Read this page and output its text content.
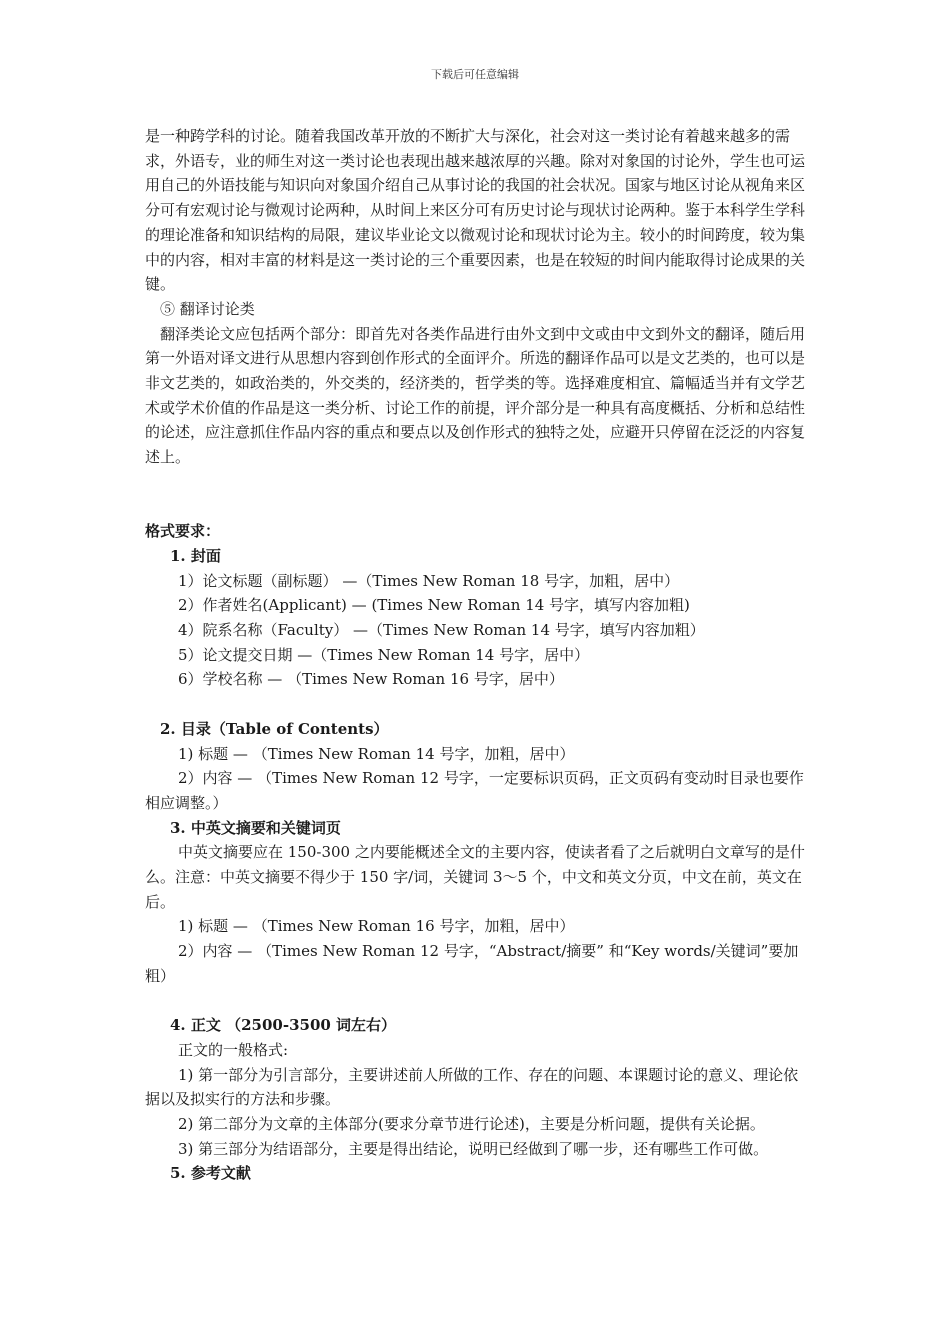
下载后可任意编辑

是一种跨学科的讨论。随着我国改革开放的不断扩大与深化，社会对这一类讨论有着越来越多的需求，外语专，业的师生对这一类讨论也表现出越来越浓厚的兴趣。除对对象国的讨论外，学生也可运用自己的外语技能与知识向对象国介绍自己从事讨论的我国的社会状况。国家与地区讨论从视角来区分可有宏观讨论与微观讨论两种，从时间上来区分可有历史讨论与现状讨论两种。鉴于本科学生学科的理论准备和知识结构的局限，建议毕业论文以微观讨论和现状讨论为主。较小的时间跨度，较为集中的内容，相对丰富的材料是这一类讨论的三个重要因素，也是在较短的时间内能取得讨论成果的关键。

⑤ 翻译讨论类

翻泽类论文应包括两个部分：即首先对各类作品进行由外文到中文或由中文到外文的翻译，随后用第一外语对译文进行从思想内容到创作形式的全面评介。所选的翻译作品可以是文艺类的，也可以是非文艺类的，如政治类的，外交类的，经济类的，哲学类的等。选择难度相宜、篇幅适当并有文学艺术或学术价值的作品是这一类分析、讨论工作的前提，评介部分是一种具有高度概括、分析和总结性的论述，应注意抓住作品内容的重点和要点以及创作形式的独特之处，应避开只停留在泛泛的内容复述上。

格式要求：

1. 封面

1）论文标题（副标题） —（Times New Roman 18 号字，加粗，居中）

2）作者姓名(Applicant) — (Times New Roman 14 号字，填写内容加粗)

4）院系名称（Faculty） —（Times New Roman 14 号字，填写内容加粗）

5）论文提交日期 —（Times New Roman 14 号字，居中）

6）学校名称 — （Times New Roman 16 号字，居中）

2. 目录（Table of Contents）

1) 标题 — （Times New Roman 14 号字，加粗，居中）

2）内容 — （Times New Roman 12 号字，一定要标识页码，正文页码有变动时目录也要作相应调整。）

3. 中英文摘要和关键词页

中英文摘要应在 150-300 之内要能概述全文的主要内容，使读者看了之后就明白文章写的是什么。注意：中英文摘要不得少于 150 字/词，关键词 3～5 个，中文和英文分页，中文在前，英文在后。

1) 标题 — （Times New Roman 16 号字，加粗，居中）

2）内容 — （Times New Roman 12 号字，“Abstract/摘要” 和“Key words/关键词”要加粗）

4. 正文 （2500-3500 词左右）

正文的一般格式:

1) 第一部分为引言部分，主要讲述前人所做的工作、存在的问题、本课题讨论的意义、理论依据以及拟实行的方法和步骤。

2) 第二部分为文章的主体部分(要求分章节进行论述)，主要是分析问题，提供有关论据。

3) 第三部分为结语部分，主要是得出结论，说明已经做到了哪一步，还有哪些工作可做。

5. 参考文献
